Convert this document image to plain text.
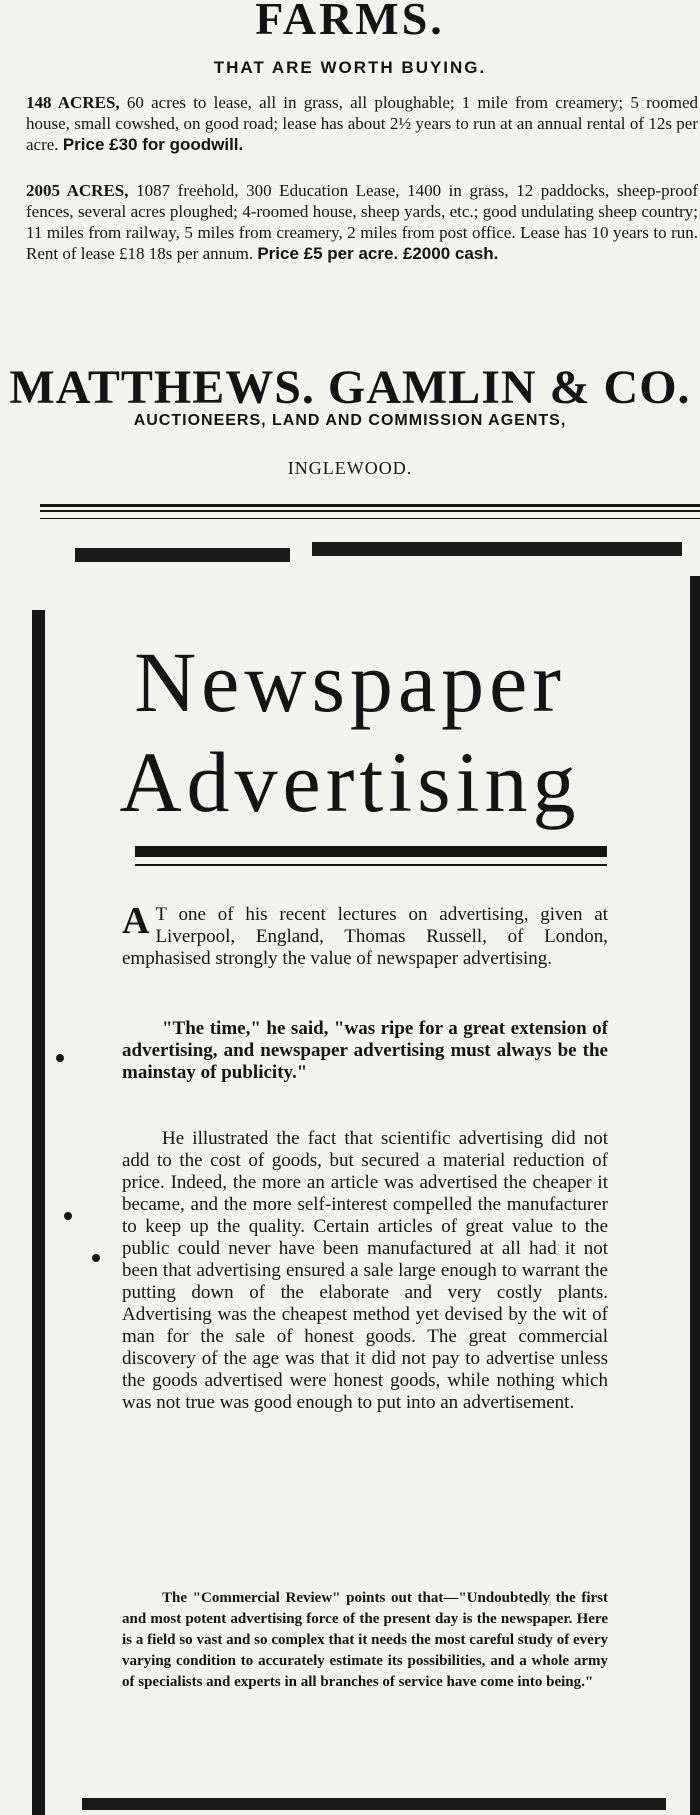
FARMS.

THAT ARE WORTH BUYING.

148 ACRES, 60 acres to lease, all in grass, all ploughable; 1 mile from creamery; 5 roomed house, small cowshed, on good road; lease has about 2½ years to run at an annual rental of 12s per acre. Price £30 for goodwill.

2005 ACRES, 1087 freehold, 300 Education Lease, 1400 in grass, 12 paddocks, sheep-proof fences, several acres ploughed; 4-roomed house, sheep yards, etc.; good undulating sheep country; 11 miles from railway, 5 miles from creamery, 2 miles from post office. Lease has 10 years to run. Rent of lease £18 18s per annum. Price £5 per acre. £2000 cash.

MATTHEWS. GAMLIN & CO.
AUCTIONEERS, LAND AND COMMISSION AGENTS,
INGLEWOOD.
Newspaper
Advertising

A T one of his recent lectures on advertising, given at Liverpool, England, Thomas Russell, of London, emphasised strongly the value of newspaper advertising.

"The time," he said, "was ripe for a great extension of advertising, and newspaper advertising must always be the mainstay of publicity."

He illustrated the fact that scientific advertising did not add to the cost of goods, but secured a material reduction of price. Indeed, the more an article was advertised the cheaper it became, and the more self-interest compelled the manufacturer to keep up the quality. Certain articles of great value to the public could never have been manufactured at all had it not been that advertising ensured a sale large enough to warrant the putting down of the elaborate and very costly plants. Advertising was the cheapest method yet devised by the wit of man for the sale of honest goods. The great commercial discovery of the age was that it did not pay to advertise unless the goods advertised were honest goods, while nothing which was not true was good enough to put into an advertisement.

The "Commercial Review" points out that—"Undoubtedly the first and most potent advertising force of the present day is the newspaper. Here is a field so vast and so complex that it needs the most careful study of every varying condition to accurately estimate its possibilities, and a whole army of specialists and experts in all branches of service have come into being."
